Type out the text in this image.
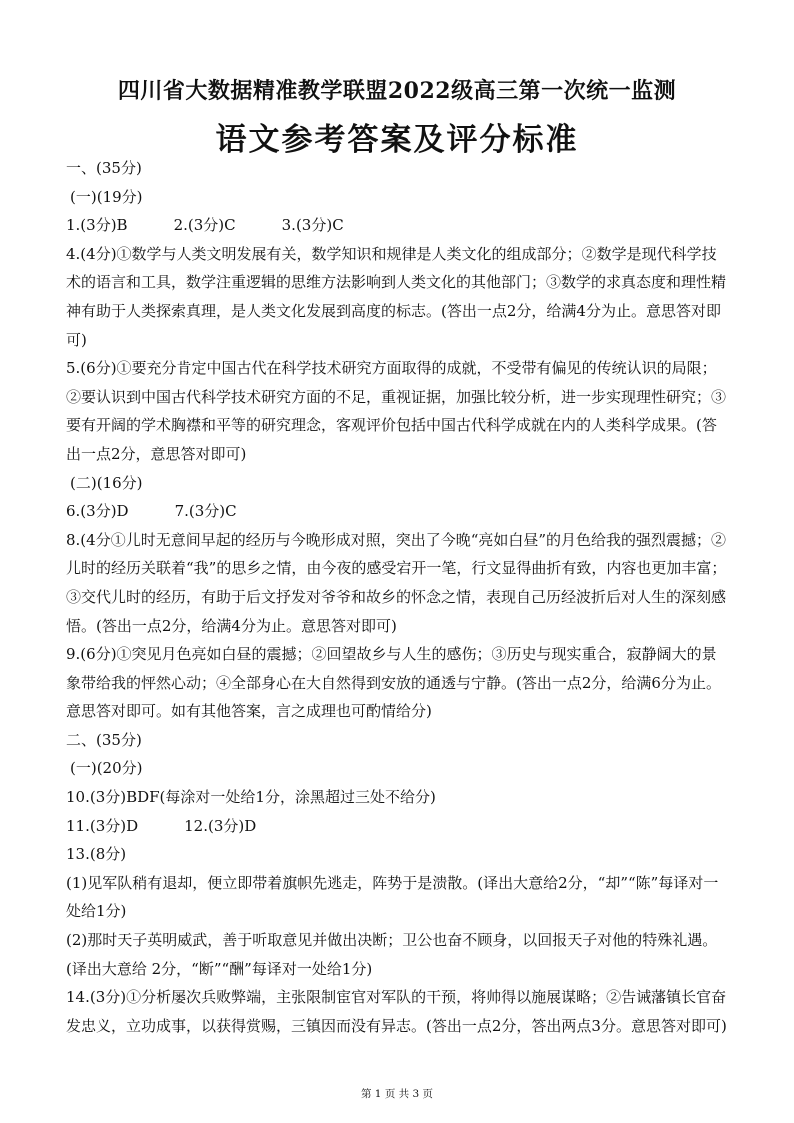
四川省大数据精准教学联盟2022级高三第一次统一监测
语文参考答案及评分标准

一、(35分)

(一)(19分)

1.(3分)B	2.(3分)C	3.(3分)C

4.(4分)①数学与人类文明发展有关，数学知识和规律是人类文化的组成部分；②数学是现代科学技术的语言和工具，数学注重逻辑的思维方法影响到人类文化的其他部门；③数学的求真态度和理性精神有助于人类探索真理，是人类文化发展到高度的标志。(答出一点2分，给满4分为止。意思答对即可)

5.(6分)①要充分肯定中国古代在科学技术研究方面取得的成就，不受带有偏见的传统认识的局限；②要认识到中国古代科学技术研究方面的不足，重视证据，加强比较分析，进一步实现理性研究；③要有开阔的学术胸襟和平等的研究理念，客观评价包括中国古代科学成就在内的人类科学成果。(答出一点2分，意思答对即可)

(二)(16分)

6.(3分)D	7.(3分)C

8.(4分①儿时无意间早起的经历与今晚形成对照，突出了今晚“亮如白昼”的月色给我的强烈震撼；②儿时的经历关联着“我”的思乡之情，由今夜的感受宕开一笔，行文显得曲折有致，内容也更加丰富；③交代儿时的经历，有助于后文抒发对爷爷和故乡的怀念之情，表现自己历经波折后对人生的深刻感悟。(答出一点2分，给满4分为止。意思答对即可)

9.(6分)①突见月色亮如白昼的震撼；②回望故乡与人生的感伤；③历史与现实重合，寂静阔大的景象带给我的怦然心动；④全部身心在大自然得到安放的通透与宁静。(答出一点2分，给满6分为止。意思答对即可。如有其他答案，言之成理也可酌情给分)

二、(35分)

(一)(20分)

10.(3分)BDF(每涂对一处给1分，涂黑超过三处不给分)

11.(3分)D	12.(3分)D

13.(8分)

(1)见军队稍有退却，便立即带着旗帜先逃走，阵势于是溃散。(译出大意给2分，“却”“陈”每译对一处给1分)

(2)那时天子英明威武，善于听取意见并做出决断；卫公也奋不顾身，以回报天子对他的特殊礼遇。(译出大意给 2分，“断”“酬”每译对一处给1分)

14.(3分)①分析屡次兵败弊端，主张限制宦官对军队的干预，将帅得以施展谋略；②告诫藩镇长官奋发忠义，立功成事，以获得赏赐，三镇因而没有异志。(答出一点2分，答出两点3分。意思答对即可)

第 1 页 共 3 页
